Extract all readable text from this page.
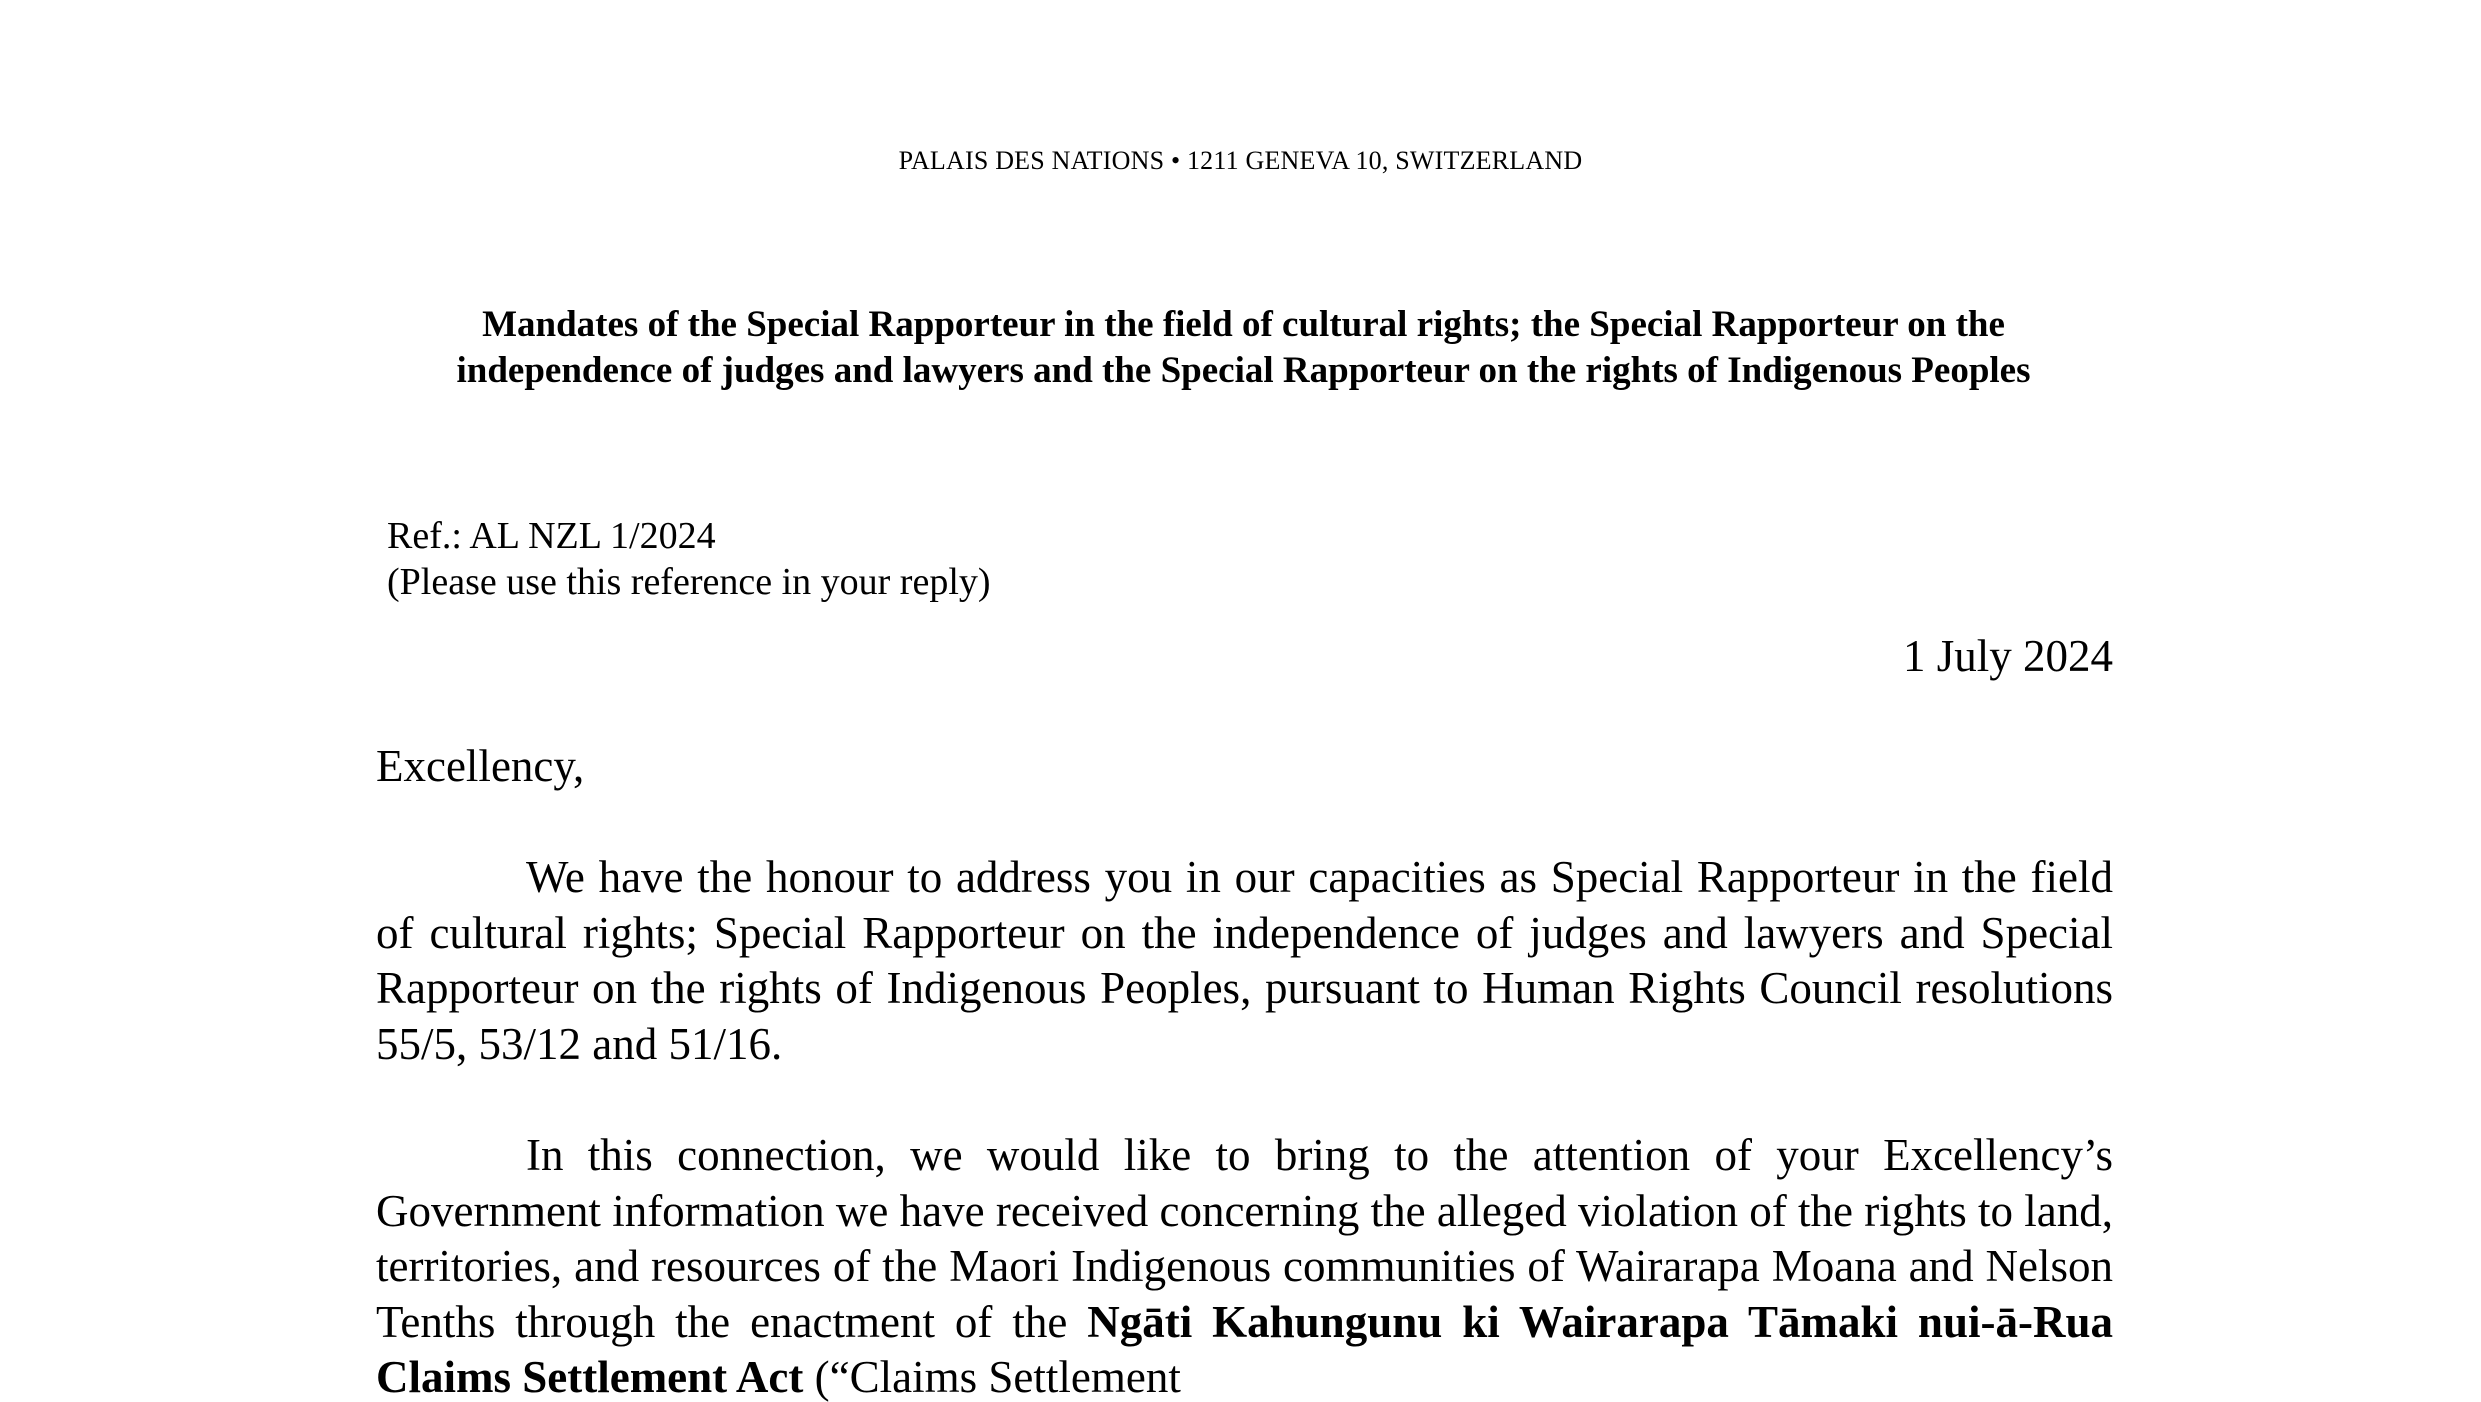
PALAIS DES NATIONS • 1211 GENEVA 10, SWITZERLAND
Mandates of the Special Rapporteur in the field of cultural rights; the Special Rapporteur on the independence of judges and lawyers and the Special Rapporteur on the rights of Indigenous Peoples
Ref.: AL NZL 1/2024
(Please use this reference in your reply)
1 July 2024
Excellency,

We have the honour to address you in our capacities as Special Rapporteur in the field of cultural rights; Special Rapporteur on the independence of judges and lawyers and Special Rapporteur on the rights of Indigenous Peoples, pursuant to Human Rights Council resolutions 55/5, 53/12 and 51/16.

In this connection, we would like to bring to the attention of your Excellency’s Government information we have received concerning the alleged violation of the rights to land, territories, and resources of the Maori Indigenous communities of Wairarapa Moana and Nelson Tenths through the enactment of the Ngāti Kahungunu ki Wairarapa Tāmaki nui-ā-Rua Claims Settlement Act (“Claims Settlement
